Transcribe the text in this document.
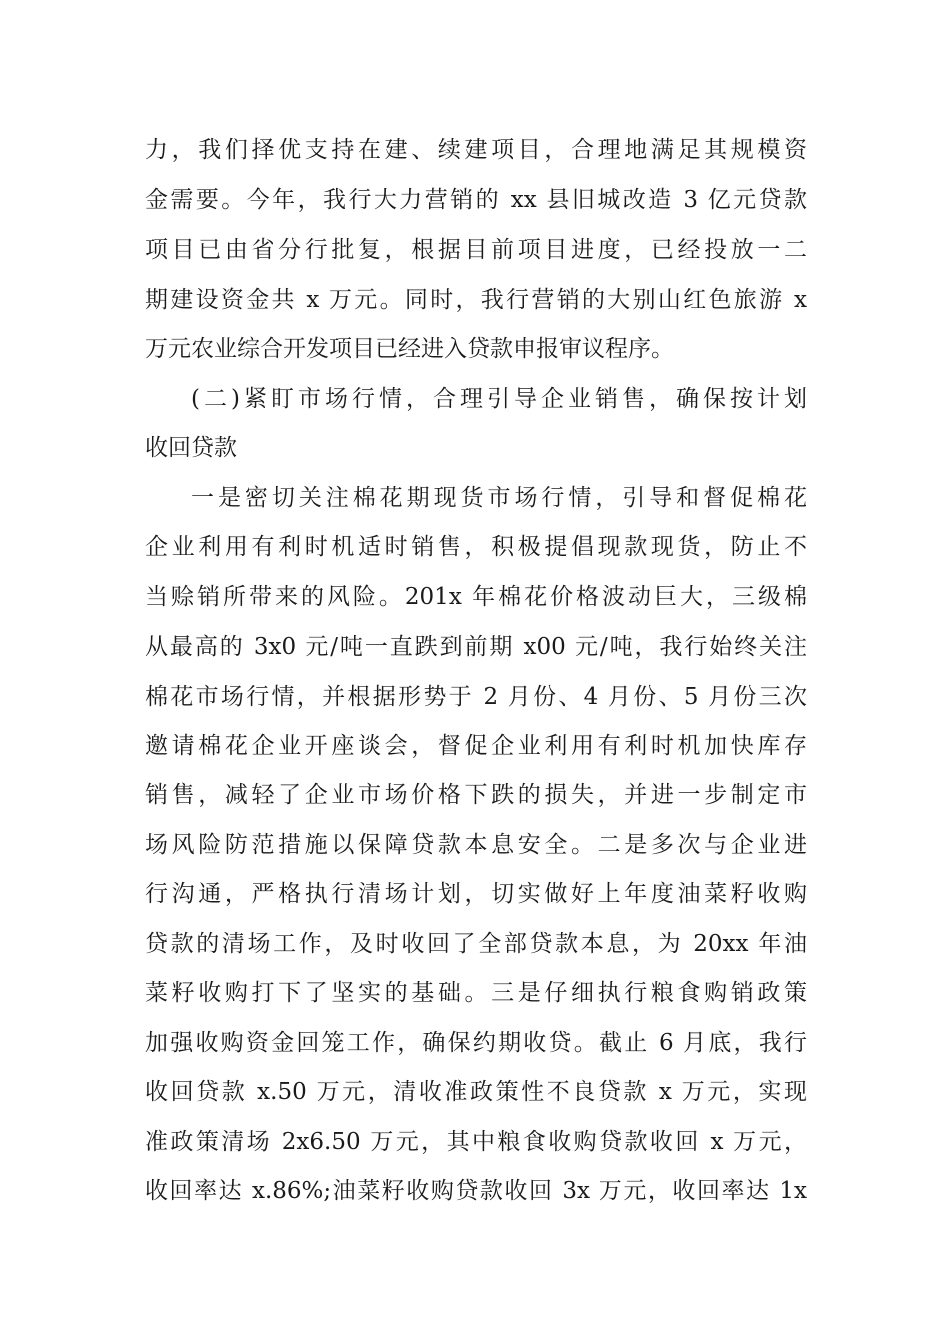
力，我们择优支持在建、续建项目，合理地满足其规模资
金需要。今年，我行大力营销的 xx 县旧城改造 3 亿元贷款
项目已由省分行批复，根据目前项目进度，已经投放一二
期建设资金共 x 万元。同时，我行营销的大别山红色旅游 x
万元农业综合开发项目已经进入贷款申报审议程序。
(二)紧盯市场行情，合理引导企业销售，确保按计划
收回贷款
一是密切关注棉花期现货市场行情，引导和督促棉花
企业利用有利时机适时销售，积极提倡现款现货，防止不
当赊销所带来的风险。201x 年棉花价格波动巨大，三级棉
从最高的 3x0 元/吨一直跌到前期 x00 元/吨，我行始终关注
棉花市场行情，并根据形势于 2 月份、4 月份、5 月份三次
邀请棉花企业开座谈会，督促企业利用有利时机加快库存
销售，减轻了企业市场价格下跌的损失，并进一步制定市
场风险防范措施以保障贷款本息安全。二是多次与企业进
行沟通，严格执行清场计划，切实做好上年度油菜籽收购
贷款的清场工作，及时收回了全部贷款本息，为 20xx 年油
菜籽收购打下了坚实的基础。三是仔细执行粮食购销政策
加强收购资金回笼工作，确保约期收贷。截止 6 月底，我行
收回贷款 x.50 万元，清收准政策性不良贷款 x 万元，实现
准政策清场 2x6.50 万元，其中粮食收购贷款收回 x 万元，
收回率达 x.86%;油菜籽收购贷款收回 3x 万元，收回率达 1x
